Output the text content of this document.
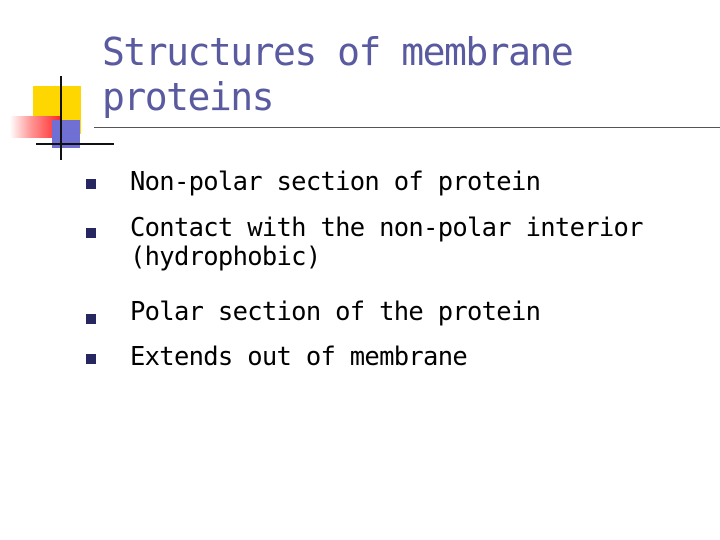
Structures of membrane proteins
Non-polar section of protein
Contact with the non-polar interior (hydrophobic)
Polar section of the protein
Extends out of membrane
